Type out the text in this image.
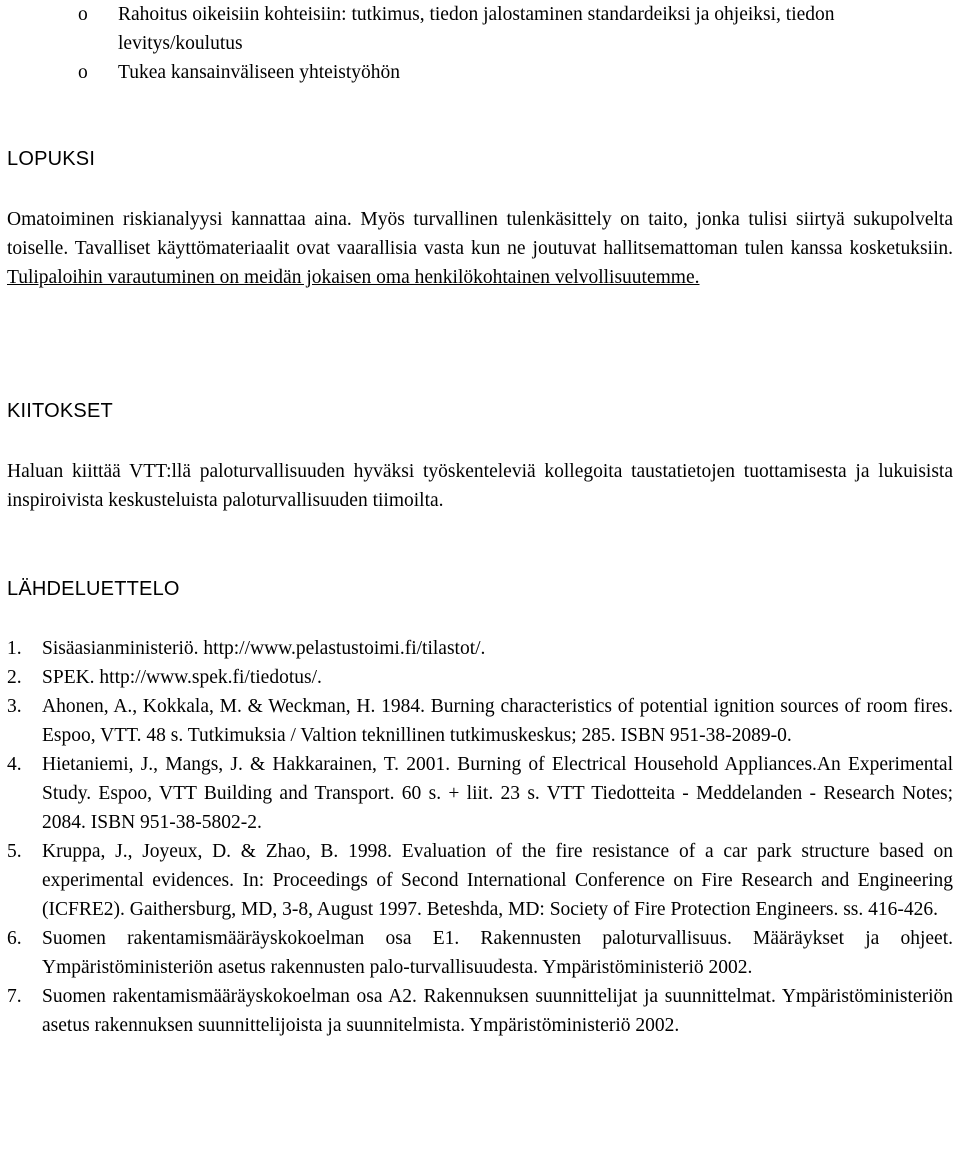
o Rahoitus oikeisiin kohteisiin: tutkimus, tiedon jalostaminen standardeiksi ja ohjeiksi, tiedon levitys/koulutus
o Tukea kansainväliseen yhteistyöhön
LOPUKSI

Omatoiminen riskianalyysi kannattaa aina. Myös turvallinen tulenkäsittely on taito, jonka tulisi siirtyä sukupolvelta toiselle. Tavalliset käyttömateriaalit ovat vaarallisia vasta kun ne joutuvat hallitsemattoman tulen kanssa kosketuksiin. Tulipaloihin varautuminen on meidän jokaisen oma henkilökohtainen velvollisuutemme.

KIITOKSET

Haluan kiittää VTT:llä paloturvallisuuden hyväksi työskenteleviä kollegoita taustatietojen tuottamisesta ja lukuisista inspiroivista keskusteluista paloturvallisuuden tiimoilta.

LÄHDELUETTELO
1. Sisäasianministeriö. http://www.pelastustoimi.fi/tilastot/.
2. SPEK. http://www.spek.fi/tiedotus/.
3. Ahonen, A., Kokkala, M. & Weckman, H. 1984. Burning characteristics of potential ignition sources of room fires. Espoo, VTT. 48 s. Tutkimuksia / Valtion teknillinen tutkimuskeskus; 285. ISBN 951-38-2089-0.
4. Hietaniemi, J., Mangs, J. & Hakkarainen, T. 2001. Burning of Electrical Household Appliances.An Experimental Study. Espoo, VTT Building and Transport. 60 s. + liit. 23 s. VTT Tiedotteita - Meddelanden - Research Notes; 2084. ISBN 951-38-5802-2.
5. Kruppa, J., Joyeux, D. & Zhao, B. 1998. Evaluation of the fire resistance of a car park structure based on experimental evidences. In: Proceedings of Second International Conference on Fire Research and Engineering (ICFRE2). Gaithersburg, MD, 3-8, August 1997. Beteshda, MD: Society of Fire Protection Engineers. ss. 416-426.
6. Suomen rakentamismääräyskokoelman osa E1. Rakennusten paloturvallisuus. Määräykset ja ohjeet. Ympäristöministeriön asetus rakennusten palo-turvallisuudesta. Ympäristöministeriö 2002.
7. Suomen rakentamismääräyskokoelman osa A2. Rakennuksen suunnittelijat ja suunnittelmat. Ympäristöministeriön asetus rakennuksen suunnittelijoista ja suunnitelmista. Ympäristöministeriö 2002.
